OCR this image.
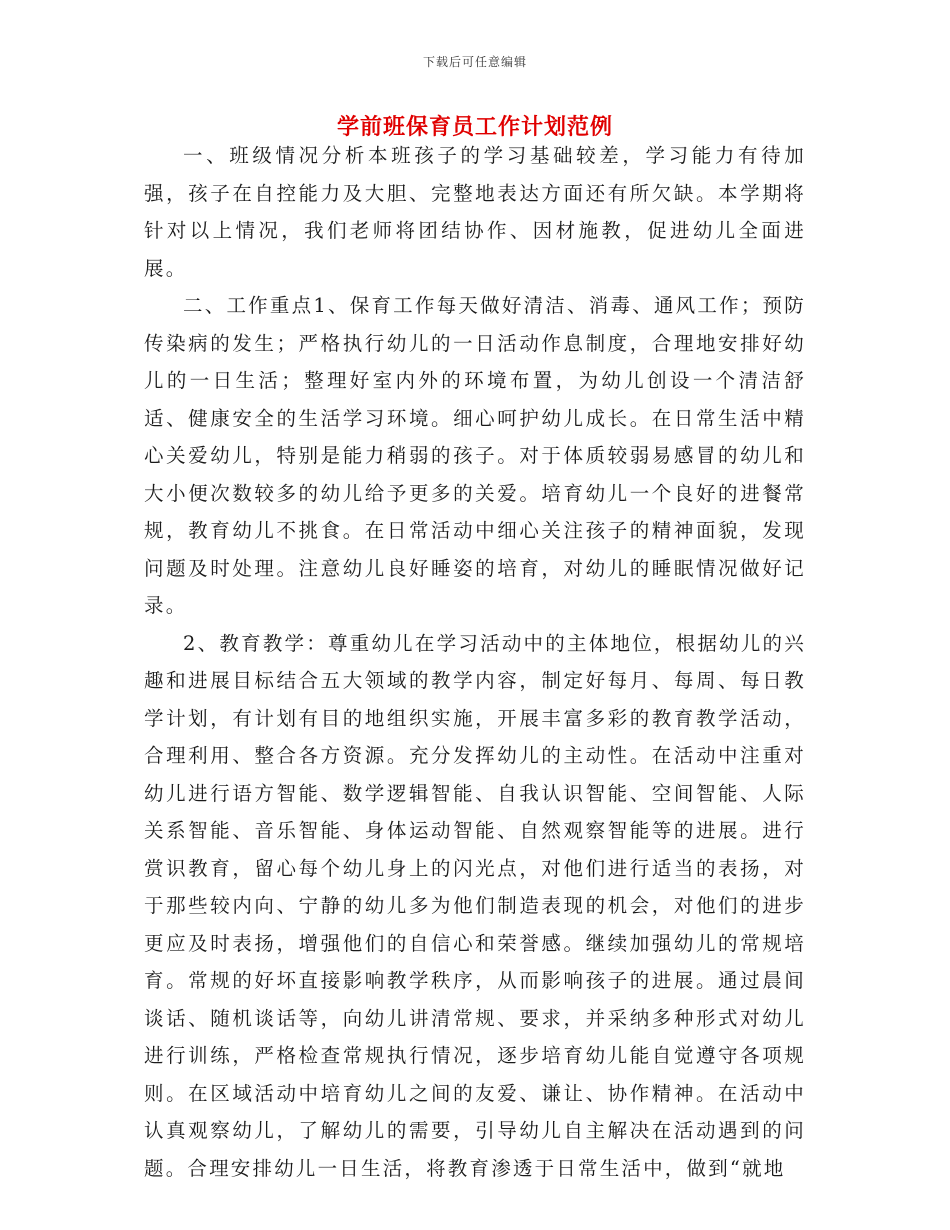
下载后可任意编辑
学前班保育员工作计划范例

一、班级情况分析本班孩子的学习基础较差，学习能力有待加强，孩子在自控能力及大胆、完整地表达方面还有所欠缺。本学期将针对以上情况，我们老师将团结协作、因材施教，促进幼儿全面进展。

二、工作重点1、保育工作每天做好清洁、消毒、通风工作；预防传染病的发生；严格执行幼儿的一日活动作息制度，合理地安排好幼儿的一日生活；整理好室内外的环境布置，为幼儿创设一个清洁舒适、健康安全的生活学习环境。细心呵护幼儿成长。在日常生活中精心关爱幼儿，特别是能力稍弱的孩子。对于体质较弱易感冒的幼儿和大小便次数较多的幼儿给予更多的关爱。培育幼儿一个良好的进餐常规，教育幼儿不挑食。在日常活动中细心关注孩子的精神面貌，发现问题及时处理。注意幼儿良好睡姿的培育，对幼儿的睡眠情况做好记录。

2、教育教学：尊重幼儿在学习活动中的主体地位，根据幼儿的兴趣和进展目标结合五大领域的教学内容，制定好每月、每周、每日教学计划，有计划有目的地组织实施，开展丰富多彩的教育教学活动，合理利用、整合各方资源。充分发挥幼儿的主动性。在活动中注重对幼儿进行语方智能、数学逻辑智能、自我认识智能、空间智能、人际关系智能、音乐智能、身体运动智能、自然观察智能等的进展。进行赏识教育，留心每个幼儿身上的闪光点，对他们进行适当的表扬，对于那些较内向、宁静的幼儿多为他们制造表现的机会，对他们的进步更应及时表扬，增强他们的自信心和荣誉感。继续加强幼儿的常规培育。常规的好坏直接影响教学秩序，从而影响孩子的进展。通过晨间谈话、随机谈话等，向幼儿讲清常规、要求，并采纳多种形式对幼儿进行训练，严格检查常规执行情况，逐步培育幼儿能自觉遵守各项规则。在区域活动中培育幼儿之间的友爱、谦让、协作精神。在活动中认真观察幼儿，了解幼儿的需要，引导幼儿自主解决在活动遇到的问题。合理安排幼儿一日生活，将教育渗透于日常生活中，做到“就地
